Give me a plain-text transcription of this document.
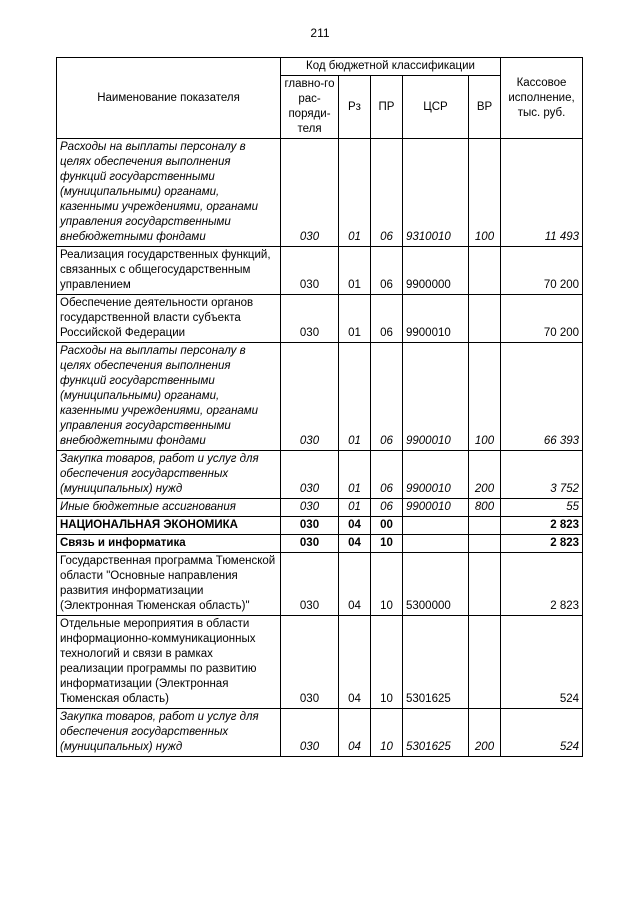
211
Наименование показателя	Код бюджетной классификации					Кассовое исполнение, тыс. руб.
	главно-го рас-поряди-теля	Рз	ПР	ЦСР	ВР	
Расходы на выплаты персоналу в целях обеспечения выполнения функций государственными (муниципальными) органами, казенными учреждениями, органами управления государственными внебюджетными фондами	030	01	06	9310010	100	11 493
Реализация государственных функций, связанных с общегосударственным управлением	030	01	06	9900000		70 200
Обеспечение деятельности органов государственной власти субъекта Российской Федерации	030	01	06	9900010		70 200
Расходы на выплаты персоналу в целях обеспечения выполнения функций государственными (муниципальными) органами, казенными учреждениями, органами управления государственными внебюджетными фондами	030	01	06	9900010	100	66 393
Закупка товаров, работ и услуг для обеспечения государственных (муниципальных) нужд	030	01	06	9900010	200	3 752
Иные бюджетные ассигнования	030	01	06	9900010	800	55
НАЦИОНАЛЬНАЯ ЭКОНОМИКА	030	04	00			2 823
Связь и информатика	030	04	10			2 823
Государственная программа Тюменской области "Основные направления развития информатизации (Электронная Тюменская область)"	030	04	10	5300000		2 823
Отдельные мероприятия в области информационно-коммуникационных технологий и связи в рамках реализации программы по развитию информатизации (Электронная Тюменская область)	030	04	10	5301625		524
Закупка товаров, работ и услуг для обеспечения государственных (муниципальных) нужд	030	04	10	5301625	200	524
